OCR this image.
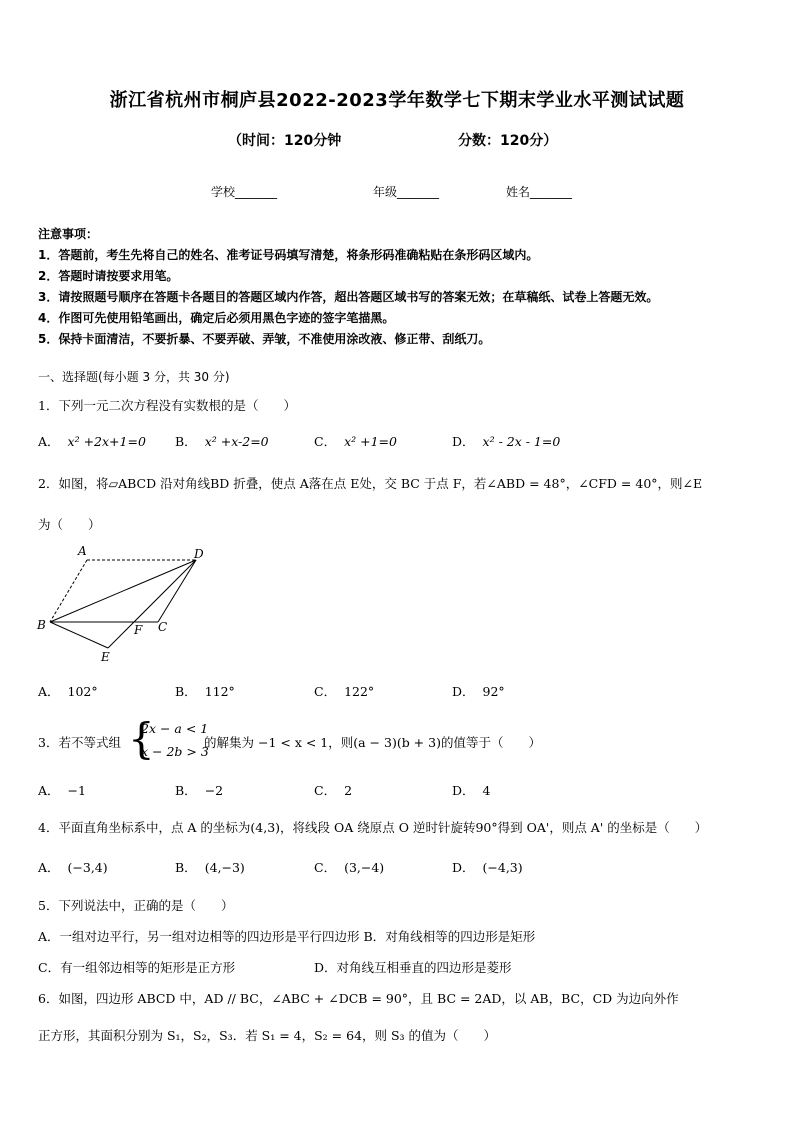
浙江省杭州市桐庐县2022-2023学年数学七下期末学业水平测试试题
（时间：120分钟	分数：120分）
学校_______	年级_______	姓名_______
注意事项：
1．答题前，考生先将自己的姓名、准考证号码填写清楚，将条形码准确粘贴在条形码区域内。
2．答题时请按要求用笔。
3．请按照题号顺序在答题卡各题目的答题区域内作答，超出答题区域书写的答案无效；在草稿纸、试卷上答题无效。
4．作图可先使用铅笔画出，确定后必须用黑色字迹的签字笔描黑。
5．保持卡面清洁，不要折暴、不要弄破、弄皱，不准使用涂改液、修正带、刮纸刀。
一、选择题(每小题 3 分，共 30 分)
1．下列一元二次方程没有实数根的是（　　）
A． x² +2x+1=0 B． x² +x-2=0	C． x² +1=0	D． x² - 2x - 1=0
2．如图，将▱ABCD 沿对角线BD 折叠，使点 A落在点 E处，交 BC 于点 F，若∠ABD = 48°，∠CFD = 40°，则∠E
为（　　）
A	D
B	F C
E
A． 102°	B． 112°	C． 122°	D． 92°
3．若不等式组 {
2x − a < 1
x − 2b > 3
的解集为 −1 < x < 1，则(a − 3)(b + 3)的值等于（　　）
A． −1	B． −2	C． 2	D． 4
4．平面直角坐标系中，点 A 的坐标为(4,3)，将线段 OA 绕原点 O 逆时针旋转90°得到 OA'，则点 A' 的坐标是（　　）
A． (−3,4)	B． (4,−3)	C． (3,−4)	D． (−4,3)
5．下列说法中，正确的是（　　）
A．一组对边平行，另一组对边相等的四边形是平行四边形 B．对角线相等的四边形是矩形
C．有一组邻边相等的矩形是正方形	D．对角线互相垂直的四边形是菱形
6．如图，四边形 ABCD 中，AD // BC，∠ABC + ∠DCB = 90°，且 BC = 2AD，以 AB，BC，CD 为边向外作
正方形，其面积分别为 S₁，S₂，S₃．若 S₁ = 4，S₂ = 64，则 S₃ 的值为（　　）
